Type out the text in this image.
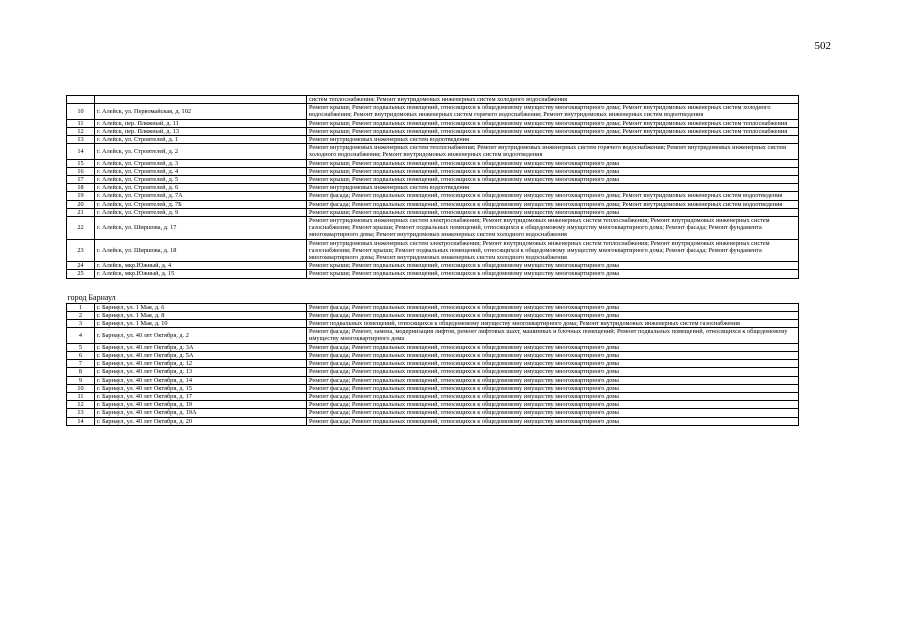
502
		систем теплоснабжения; Ремонт внутридомовых инженерных систем холодного водоснабжения
10	г. Алейск, ул. Первомайская, д. 102	Ремонт крыши; Ремонт подвальных помещений, относящихся к общедомовому имуществу многоквартирного дома; Ремонт внутридомовых инженерных систем холодного водоснабжения; Ремонт внутридомовых инженерных систем горячего водоснабжения; Ремонт внутридомовых инженерных систем водоотведения
11	г. Алейск, пер. Пляжный, д. 11	Ремонт крыши; Ремонт подвальных помещений, относящихся к общедомовому имуществу многоквартирного дома; Ремонт внутридомовых инженерных систем теплоснабжения
12	г. Алейск, пер. Пляжный, д. 13	Ремонт крыши; Ремонт подвальных помещений, относящихся к общедомовому имуществу многоквартирного дома; Ремонт внутридомовых инженерных систем теплоснабжения
13	г. Алейск, ул. Строителей, д. 1	Ремонт внутридомовых инженерных систем водоотведения
14	г. Алейск, ул. Строителей, д. 2	Ремонт внутридомовых инженерных систем теплоснабжения; Ремонт внутридомовых инженерных систем горячего водоснабжения; Ремонт внутридомовых инженерных систем холодного водоснабжения; Ремонт внутридомовых инженерных систем водоотведения
15	г. Алейск, ул. Строителей, д. 3	Ремонт крыши; Ремонт подвальных помещений, относящихся к общедомовому имуществу многоквартирного дома
16	г. Алейск, ул. Строителей, д. 4	Ремонт крыши; Ремонт подвальных помещений, относящихся к общедомовому имуществу многоквартирного дома
17	г. Алейск, ул. Строителей, д. 5	Ремонт крыши; Ремонт подвальных помещений, относящихся к общедомовому имуществу многоквартирного дома
18	г. Алейск, ул. Строителей, д. 6	Ремонт внутридомовых инженерных систем водоотведения
19	г. Алейск, ул. Строителей, д. 7А	Ремонт фасада; Ремонт подвальных помещений, относящихся к общедомовому имуществу многоквартирного дома; Ремонт внутридомовых инженерных систем водоотведения
20	г. Алейск, ул. Строителей, д. 7Б	Ремонт фасада; Ремонт подвальных помещений, относящихся к общедомовому имуществу многоквартирного дома; Ремонт внутридомовых инженерных систем водоотведения
21	г. Алейск, ул. Строителей, д. 9	Ремонт крыши; Ремонт подвальных помещений, относящихся к общедомовому имуществу многоквартирного дома
22	г. Алейск, ул. Ширшова, д. 17	Ремонт внутридомовых инженерных систем электроснабжения; Ремонт внутридомовых инженерных систем теплоснабжения; Ремонт внутридомовых инженерных систем газоснабжения; Ремонт крыши; Ремонт подвальных помещений, относящихся к общедомовому имуществу многоквартирного дома; Ремонт фасада; Ремонт фундамента многоквартирного дома; Ремонт внутридомовых инженерных систем холодного водоснабжения
23	г. Алейск, ул. Ширшова, д. 18	Ремонт внутридомовых инженерных систем электроснабжения; Ремонт внутридомовых инженерных систем теплоснабжения; Ремонт внутридомовых инженерных систем газоснабжения; Ремонт крыши; Ремонт подвальных помещений, относящихся к общедомовому имуществу многоквартирного дома; Ремонт фасада; Ремонт фундамента многоквартирного дома; Ремонт внутридомовых инженерных систем холодного водоснабжения
24	г. Алейск, мкр.Южный, д. 4	Ремонт крыши; Ремонт подвальных помещений, относящихся к общедомовому имуществу многоквартирного дома
25	г. Алейск, мкр.Южный, д. 15	Ремонт крыши; Ремонт подвальных помещений, относящихся к общедомовому имуществу многоквартирного дома

город Барнаул		
1	г. Барнаул, ул. 1 Мая, д. 6	Ремонт фасада; Ремонт подвальных помещений, относящихся к общедомовому имуществу многоквартирного дома
2	г. Барнаул, ул. 1 Мая, д. 8	Ремонт фасада; Ремонт подвальных помещений, относящихся к общедомовому имуществу многоквартирного дома
3	г. Барнаул, ул. 1 Мая, д. 10	Ремонт подвальных помещений, относящихся к общедомовому имуществу многоквартирного дома; Ремонт внутридомовых инженерных систем газоснабжения
4	г. Барнаул, ул. 40 лет Октября, д. 2	Ремонт фасада; Ремонт, замена, модернизация лифтов, ремонт лифтовых шахт, машинных и блочных помещений; Ремонт подвальных помещений, относящихся к общедомовому имуществу многоквартирного дома
5	г. Барнаул, ул. 40 лет Октября, д. 3А	Ремонт фасада; Ремонт подвальных помещений, относящихся к общедомовому имуществу многоквартирного дома
6	г. Барнаул, ул. 40 лет Октября, д. 5А	Ремонт фасада; Ремонт подвальных помещений, относящихся к общедомовому имуществу многоквартирного дома
7	г. Барнаул, ул. 40 лет Октября, д. 12	Ремонт фасада; Ремонт подвальных помещений, относящихся к общедомовому имуществу многоквартирного дома
8	г. Барнаул, ул. 40 лет Октября, д. 13	Ремонт фасада; Ремонт подвальных помещений, относящихся к общедомовому имуществу многоквартирного дома
9	г. Барнаул, ул. 40 лет Октября, д. 14	Ремонт фасада; Ремонт подвальных помещений, относящихся к общедомовому имуществу многоквартирного дома
10	г. Барнаул, ул. 40 лет Октября, д. 15	Ремонт фасада; Ремонт подвальных помещений, относящихся к общедомовому имуществу многоквартирного дома
11	г. Барнаул, ул. 40 лет Октября, д. 17	Ремонт фасада; Ремонт подвальных помещений, относящихся к общедомовому имуществу многоквартирного дома
12	г. Барнаул, ул. 40 лет Октября, д. 19	Ремонт фасада; Ремонт подвальных помещений, относящихся к общедомовому имуществу многоквартирного дома
13	г. Барнаул, ул. 40 лет Октября, д. 19А	Ремонт фасада; Ремонт подвальных помещений, относящихся к общедомовому имуществу многоквартирного дома
14	г. Барнаул, ул. 40 лет Октября, д. 20	Ремонт фасада; Ремонт подвальных помещений, относящихся к общедомовому имуществу многоквартирного дома
